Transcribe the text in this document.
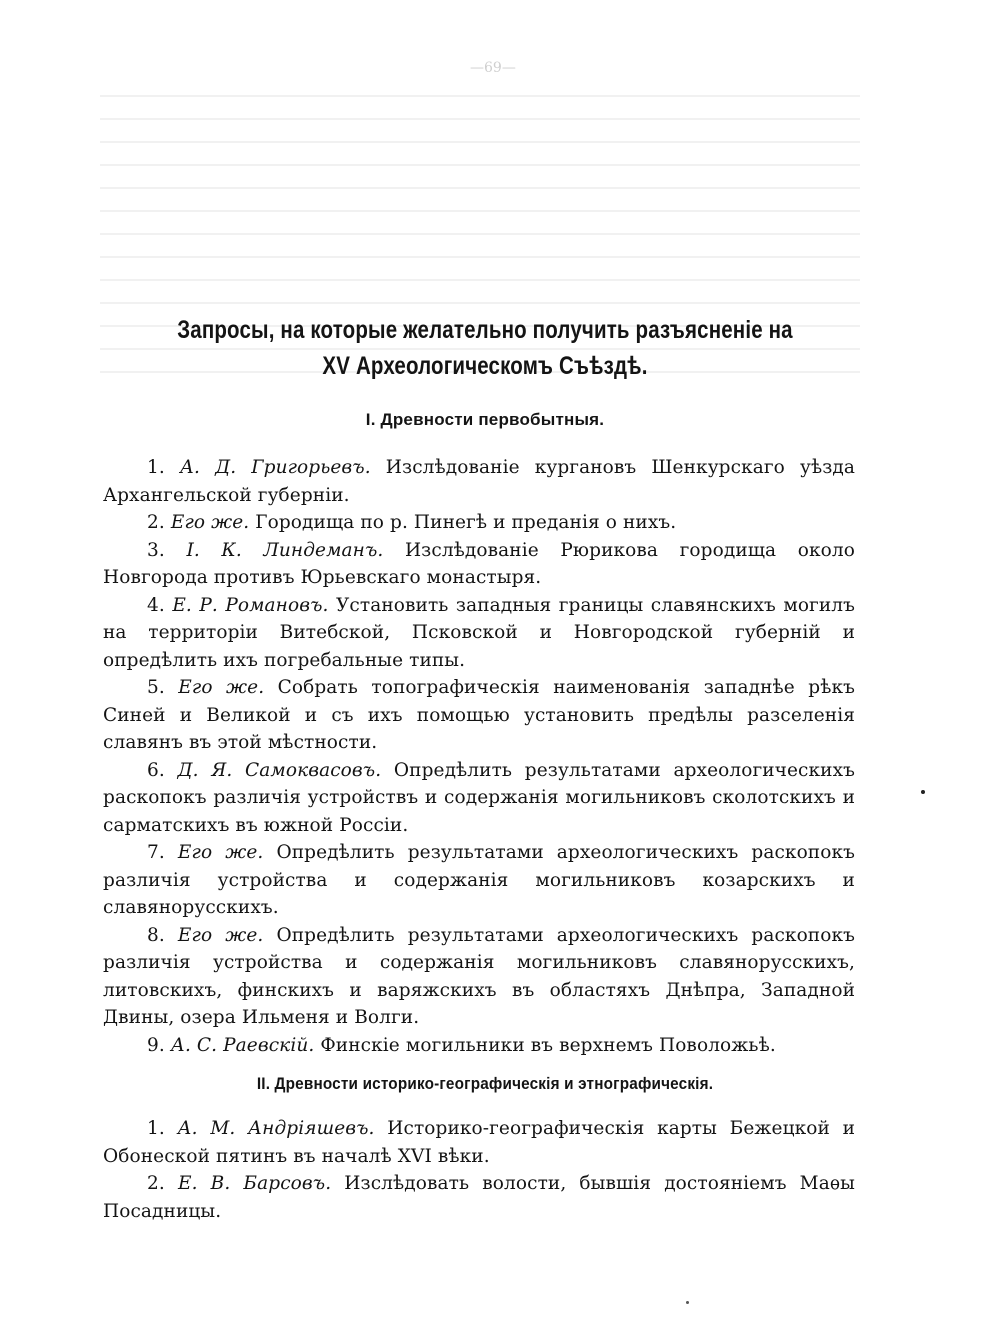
—69—
Запросы, на которые желательно получить разъясненіе на XV Археологическомъ Съѣздѣ.
I. Древности первобытныя.
1. А. Д. Григорьевъ. Изслѣдованіе кургановъ Шенкурскаго уѣзда Архангельской губерніи.
2. Его же. Городища по р. Пинегѣ и преданія о нихъ.
3. I. К. Линдеманъ. Изслѣдованіе Рюрикова городища около Новгорода противъ Юрьевскаго монастыря.
4. Е. Р. Романовъ. Установить западныя границы славянскихъ могилъ на территоріи Витебской, Псковской и Новгородской губерній и опредѣлить ихъ погребальные типы.
5. Его же. Собрать топографическія наименованія западнѣе рѣкъ Синей и Великой и съ ихъ помощью установить предѣлы разселенія славянъ въ этой мѣстности.
6. Д. Я. Самоквасовъ. Опредѣлить результатами археологическихъ раскопокъ различія устройствъ и содержанія могильниковъ сколотскихъ и сарматскихъ въ южной Россіи.
7. Его же. Опредѣлить результатами археологическихъ раскопокъ различія устройства и содержанія могильниковъ козарскихъ и славянорусскихъ.
8. Его же. Опредѣлить результатами археологическихъ раскопокъ различія устройства и содержанія могильниковъ славянорусскихъ, литовскихъ, финскихъ и варяжскихъ въ областяхъ Днѣпра, Западной Двины, озера Ильменя и Волги.
9. А. С. Раевскій. Финскіе могильники въ верхнемъ Поволожьѣ.
II. Древности историко-географическія и этнографическія.
1. А. М. Андріяшевъ. Историко-географическія карты Бежецкой и Обонеской пятинъ въ началѣ XVI вѣки.
2. Е. В. Барсовъ. Изслѣдовать волости, бывшія достояніемъ Маѳы Посадницы.
